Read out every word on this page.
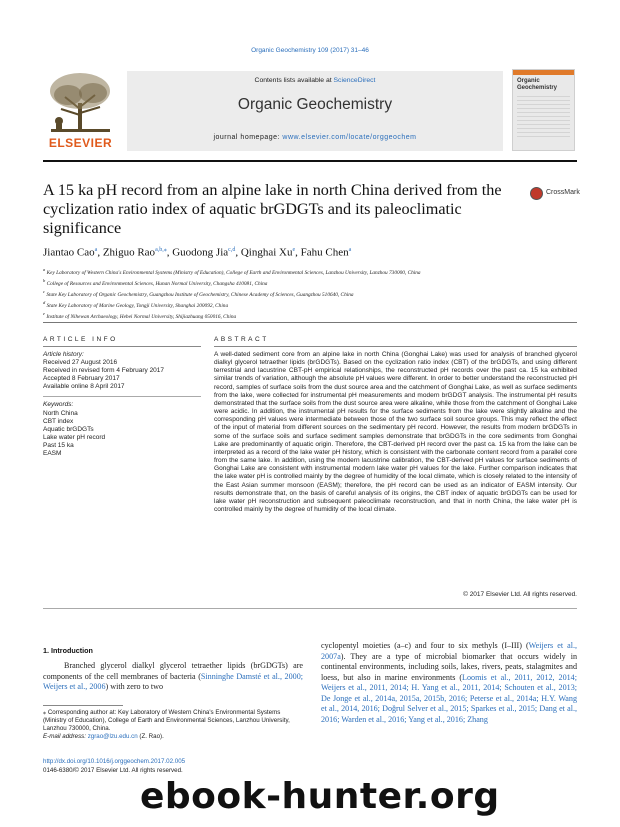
Organic Geochemistry 109 (2017) 31–46
Contents lists available at ScienceDirect
Organic Geochemistry
journal homepage: www.elsevier.com/locate/orggeochem
ELSEVIER
Organic Geochemistry
A 15 ka pH record from an alpine lake in north China derived from the cyclization ratio index of aquatic brGDGTs and its paleoclimatic significance
CrossMark
Jiantao Cao$^a$, Zhiguo Rao$^{a,b,⁎}$, Guodong Jia$^{c,d}$, Qinghai Xu$^e$, Fahu Chen$^a$
$^a$ Key Laboratory of Western China's Environmental Systems (Ministry of Education), College of Earth and Environmental Sciences, Lanzhou University, Lanzhou 730000, China
$^b$ College of Resources and Environmental Sciences, Hunan Normal University, Changsha 410081, China
$^c$ State Key Laboratory of Organic Geochemistry, Guangzhou Institute of Geochemistry, Chinese Academy of Sciences, Guangzhou 510640, China
$^d$ State Key Laboratory of Marine Geology, Tongji University, Shanghai 200092, China
$^e$ Institute of Nihewan Archaeology, Hebei Normal University, Shijiazhuang 050016, China
ARTICLE INFO	ABSTRACT
Article history:
Received 27 August 2016
Received in revised form 4 February 2017
Accepted 8 February 2017
Available online 8 April 2017
Keywords:
North China
CBT index
Aquatic brGDGTs
Lake water pH record
Past 15 ka
EASM
A well-dated sediment core from an alpine lake in north China (Gonghai Lake) was used for analysis of branched glycerol dialkyl glycerol tetraether lipids (brGDGTs). Based on the cyclization ratio index (CBT) of the brGDGTs, and using different terrestrial and lacustrine CBT-pH empirical relationships, the reconstructed pH records over the past ca. 15 ka exhibited similar trends of variation, although the absolute pH values were different. In order to better understand the reconstructed pH record, samples of surface soils from the dust source area and the catchment of Gonghai Lake, as well as surface sediments from the lake, were collected for instrumental pH measurements and modern brGDGT analysis. The instrumental pH results demonstrated that the surface soils from the dust source area were alkaline, while those from the catchment of Gonghai Lake were acidic. In addition, the instrumental pH results for the surface sediments from the lake were slightly alkaline and the corresponding pH values were intermediate between those of the two surface soil source groups. This may reflect the effect of the input of material from different sources on the sedimentary pH record. However, the results from modern brGDGTs in some of the surface soils and surface sediment samples demonstrate that brGDGTs in the core sediments from Gonghai Lake are predominantly of aquatic origin. Therefore, the CBT-derived pH record over the past ca. 15 ka from the lake can be interpreted as a record of the lake water pH history, which is consistent with the carbonate content record from a parallel core from the same lake. In addition, using the modern lacustrine calibration, the CBT-derived pH values for surface sediments of Gonghai Lake are consistent with instrumental modern lake water pH values for the lake. Further comparison indicates that the lake water pH is controlled mainly by the degree of humidity of the local climate, which is closely related to the intensity of the East Asian summer monsoon (EASM); therefore, the pH record can be used as an indicator of EASM intensity. Our results demonstrate that, on the basis of careful analysis of its origins, the CBT index of aquatic brGDGTs can be used for lake water pH reconstruction and subsequent paleoclimate reconstruction, and that in north China, the lake water pH is controlled mainly by the degree of humidity of the local climate.
© 2017 Elsevier Ltd. All rights reserved.
1. Introduction
Branched glycerol dialkyl glycerol tetraether lipids (brGDGTs) are components of the cell membranes of bacteria (Sinninghe Damsté et al., 2000; Weijers et al., 2006) with zero to two
cyclopentyl moieties (a–c) and four to six methyls (I–III) (Weijers et al., 2007a). They are a type of microbial biomarker that occurs widely in continental environments, including soils, lakes, rivers, peats, stalagmites and loess, but also in marine environments (Loomis et al., 2011, 2012, 2014; Weijers et al., 2011, 2014; H. Yang et al., 2011, 2014; Schouten et al., 2013; De Jonge et al., 2014a, 2015a, 2015b, 2016; Peterse et al., 2014a; H.Y. Wang et al., 2014, 2016; Doğrul Selver et al., 2015; Sparkes et al., 2015; Dang et al., 2016; Warden et al., 2016; Yang et al., 2016; Zhang
⁎ Corresponding author at: Key Laboratory of Western China's Environmental Systems (Ministry of Education), College of Earth and Environmental Sciences, Lanzhou University, Lanzhou 730000, China.
E-mail address: zgrao@lzu.edu.cn (Z. Rao).
http://dx.doi.org/10.1016/j.orggeochem.2017.02.005
0146-6380/© 2017 Elsevier Ltd. All rights reserved.
ebook-hunter.org
